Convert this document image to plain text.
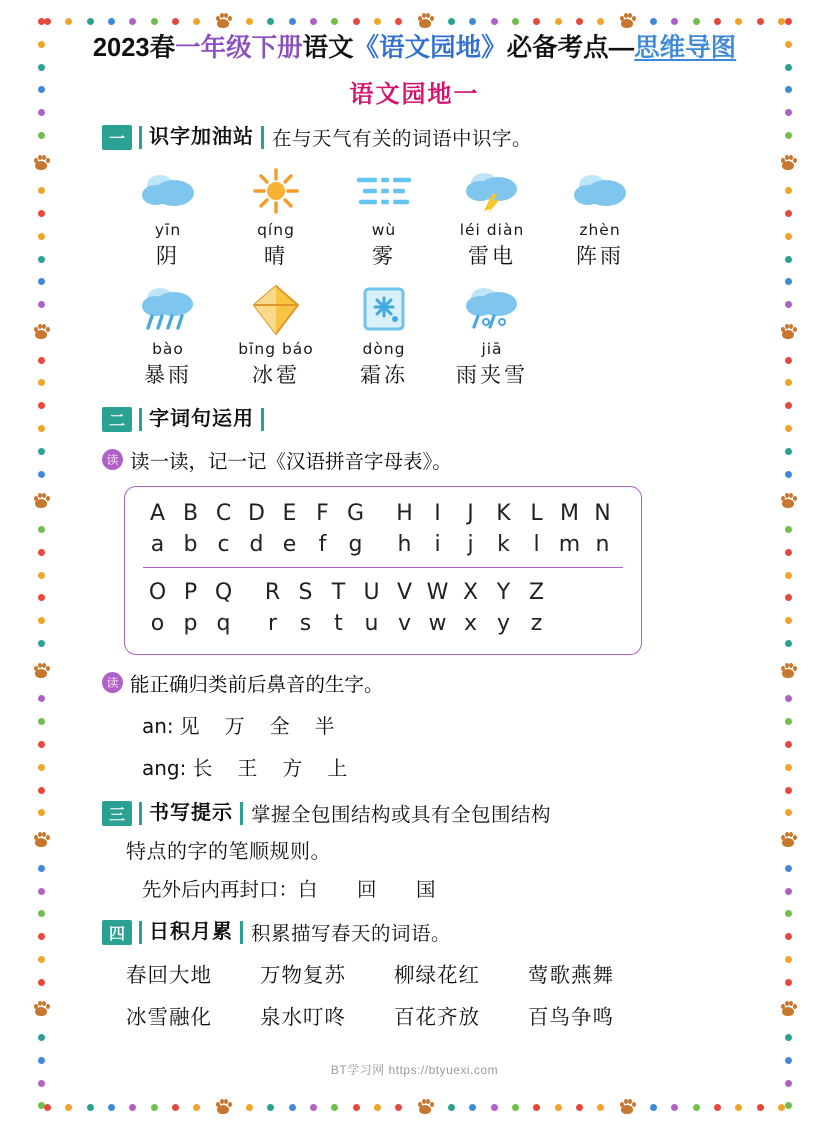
2023春一年级下册语文《语文园地》必备考点—思维导图
语文园地一
一	识字加油站 在与天气有关的词语中识字。
yīn
阴
qíng
晴
wù
雾
léi diàn
雷电
zhèn
阵雨
bào
暴雨
bīng báo
冰雹
dòng
霜冻
jiā
雨夹雪
二	字词句运用
读 读一读，记一记《汉语拼音字母表》。
A B C D E F G	H I	J	K L M N
a b c d e	f	g	h	i	j	k	l m n
O P Q	R S T U V W X Y Z
o p q	r	s	t u v w x y z
读 能正确归类前后鼻音的生字。
an: 见 万 全 半
ang: 长 王 方 上
三	书写提示 掌握全包围结构或具有全包围结构
特点的字的笔顺规则。
先外后内再封口：白　回　国
四	日积月累 积累描写春天的词语。
春回大地	万物复苏	柳绿花红	莺歌燕舞
冰雪融化	泉水叮咚	百花齐放	百鸟争鸣
BT学习网 https://btyuexi.com
